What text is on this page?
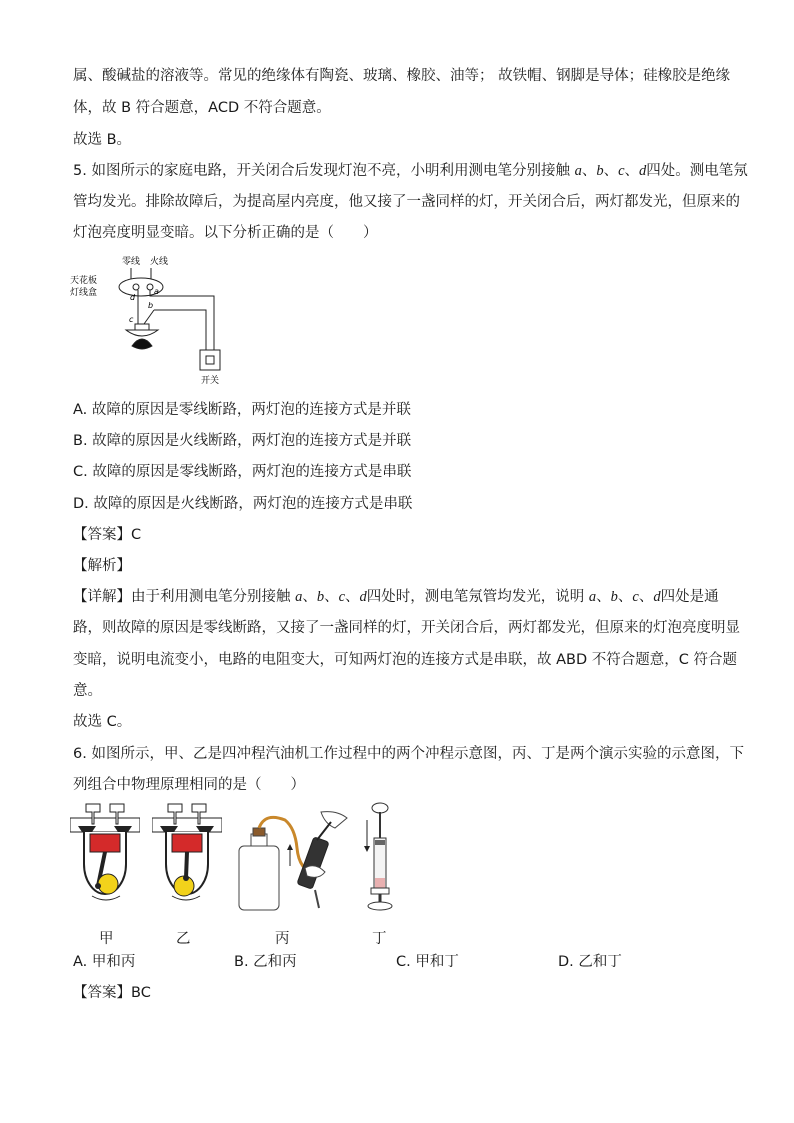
属、酸碱盐的溶液等。常见的绝缘体有陶瓷、玻璃、橡胶、油等； 故铁帽、钢脚是导体；硅橡胶是绝缘
体，故 B 符合题意，ACD 不符合题意。
故选 B。
5. 如图所示的家庭电路，开关闭合后发现灯泡不亮，小明利用测电笔分别接触 a、b、c、d四处。测电笔氖
管均发光。排除故障后，为提高屋内亮度，他又接了一盏同样的灯，开关闭合后，两灯都发光，但原来的
灯泡亮度明显变暗。以下分析正确的是（　　）
零线 火线
天花板
灯线盒	a
d
b
c
开关
A. 故障的原因是零线断路，两灯泡的连接方式是并联
B. 故障的原因是火线断路，两灯泡的连接方式是并联
C. 故障的原因是零线断路，两灯泡的连接方式是串联
D. 故障的原因是火线断路，两灯泡的连接方式是串联
【答案】C
【解析】
【详解】由于利用测电笔分别接触 a、b、c、d四处时，测电笔氖管均发光，说明 a、b、c、d四处是通
路，则故障的原因是零线断路，又接了一盏同样的灯，开关闭合后，两灯都发光，但原来的灯泡亮度明显
变暗，说明电流变小，电路的电阻变大，可知两灯泡的连接方式是串联，故 ABD 不符合题意，C 符合题
意。
故选 C。
6. 如图所示，甲、乙是四冲程汽油机工作过程中的两个冲程示意图，丙、丁是两个演示实验的示意图，下
列组合中物理原理相同的是（　　）
甲	乙	丙	丁
A. 甲和丙	B. 乙和丙	C. 甲和丁	D. 乙和丁
【答案】BC
